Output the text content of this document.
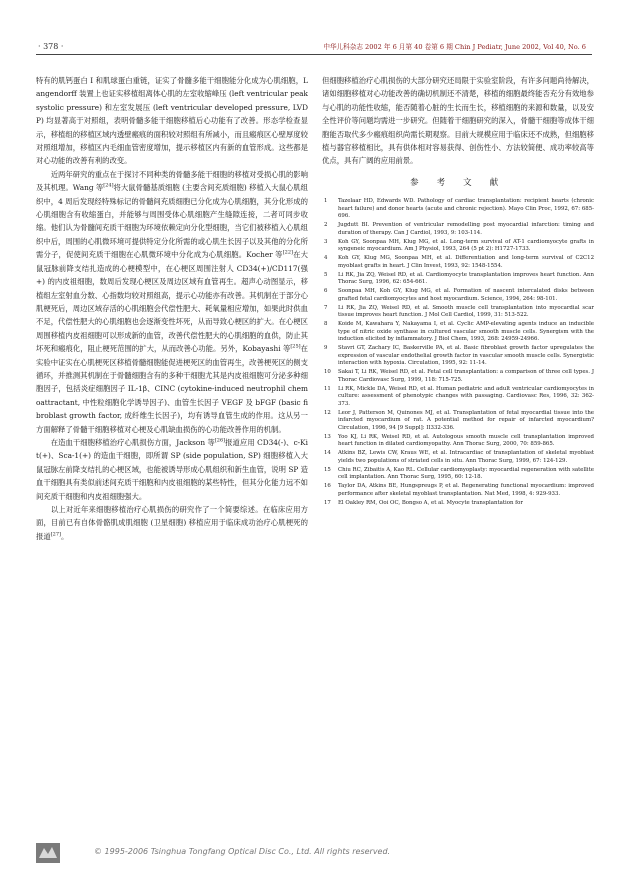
· 378 ·	中华儿科杂志 2002 年 6 月第 40 卷第 6 期 Chin J Pediatr, June 2002, Vol 40, No. 6

特有的肌钙蛋白 I 和肌球蛋白重链，证实了骨髓多能干细胞能分化成为心肌细胞，Langendorff 装置上也证实移植组离体心肌的左室收缩峰压 (left ventricular peak systolic pressure) 和左室发展压 (left ventricular developed pressure, LVDP) 均显著高于对照组，表明骨髓多能干细胞移植后心功能有了改善。形态学检查显示，移植组的移植区域内透壁瘢痕的面积较对照组有所减小，而且瘢痕区心壁厚度较对照组增加，移植区内毛细血管密度增加，提示移植区内有新的血管形成。这些都是对心功能的改善有利的改变。

近两年研究的重点在于探讨不同种类的骨髓多能干细胞的移植对受损心肌的影响及其机理。Wang 等[24]将大鼠骨髓基质细胞 (主要含间充质细胞) 移植入大鼠心肌组织中，4 周后发现经特殊标记的骨髓间充质细胞已分化成为心肌细胞，其分化形成的心肌细胞含有收缩蛋白，并能够与周围受体心肌细胞产生缝隙连接，二者可同步收缩。他们认为骨髓间充质干细胞为环境依赖定向分化型细胞，当它们被移植入心肌组织中后，周围的心肌微环境可提供特定分化所需的或心肌生长因子以及其他的分化所需分子，促使间充质干细胞在心肌微环境中分化成为心肌细胞。Kocher 等[22]在大鼠冠脉前降支结扎造成的心梗模型中，在心梗区周围注射人 CD34(+)/CD117(强+) 的内皮祖细胞，数周后发现心梗区及周边区域有血管再生。超声心动图显示，移植组左室射血分数、心指数均较对照组高，提示心功能亦有改善。其机制在于部分心肌梗死后，周边区域存活的心肌细胞会代偿性肥大、耗氧量相应增加，如果此时供血不足，代偿性肥大的心肌细胞也会逐渐变性坏死，从而导致心梗区的扩大。在心梗区周围移植内皮祖细胞可以形成新的血管，改善代偿性肥大的心肌细胞的血供，防止其坏死和瘢痕化，阻止梗死范围的扩大，从而改善心功能。另外，Kobayashi 等[25]在实验中证实在心肌梗死区移植骨髓细胞能促进梗死区的血管再生，改善梗死区的侧支循环，并推测其机制在于骨髓细胞含有的多种干细胞尤其是内皮祖细胞可分泌多种细胞因子，包括炎症细胞因子 IL-1β、CINC (cytokine-induced neutrophil chemoattractant, 中性粒细胞化学诱导因子)、血管生长因子 VEGF 及 bFGF (basic fibroblast growth factor, 成纤维生长因子)，均有诱导血管生成的作用。这从另一方面解释了骨髓干细胞移植对心梗及心肌缺血损伤的心功能改善作用的机制。

在造血干细胞移植治疗心肌损伤方面，Jackson 等[26]报道应用 CD34(-)、c-Kit(+)、Sca-1(+) 的造血干细胞，即所谓 SP (side population, SP) 细胞移植入大鼠冠脉左前降支结扎的心梗区域，也能被诱导形成心肌组织和新生血管，说明 SP 造血干细胞具有类似前述间充质干细胞和内皮祖细胞的某些特性，但其分化能力远不如间充质干细胞和内皮祖细胞强大。

以上对近年来细胞移植治疗心肌损伤的研究作了一个简要综述。在临床应用方面，目前已有自体骨骼肌成肌细胞 (卫星细胞) 移植应用于临床成功治疗心肌梗死的报道[27]。

但细胞移植治疗心肌损伤的大部分研究还局限于实验室阶段，有许多问题尚待解决，诸如细胞移植对心功能改善的确切机制还不清楚，移植的细胞最终能否充分有效地参与心肌的功能性收缩，能否随着心脏的生长而生长，移植细胞的来源和数量，以及安全性评价等问题均需进一步研究。但随着干细胞研究的深入，骨髓干细胞等成体干细胞能否取代多少瘢痕组织尚需长期观察。目前大规模应用于临床还不成熟，但细胞移植与器官移植相比，具有供体相对容易获得、创伤性小、方法较简便、成功率较高等优点，具有广阔的应用前景。

参 考 文 献
1 Tazelaar HD, Edwards WD. Pathology of cardiac transplantation: recipient hearts (chronic heart failure) and donor hearts (acute and chronic rejection). Mayo Clin Proc, 1992, 67: 685-696.
2 Jugdutt BI. Prevention of ventricular remodelling post myocardial infarction: timing and duration of therapy. Can J Cardiol, 1993, 9: 103-114.
3 Koh GY, Soonpaa MH, Klug MG, et al. Long-term survival of AT-1 cardiomyocyte grafts in syngeneic myocardium. Am J Physiol, 1993, 264 (5 pt 2): H1727-1733.
4 Koh GY, Klug MG, Soonpaa MH, et al. Differentiation and long-term survival of C2C12 myoblast grafts in heart. J Clin Invest, 1993, 92: 1548-1554.
5 Li RK, Jia ZQ, Weisel RD, et al. Cardiomyocyte transplantation improves heart function. Ann Thorac Surg, 1996, 62: 654-661.
6 Soonpaa MH, Koh GY, Klug MG, et al. Formation of nascent intercalated disks between grafted fetal cardiomyocytes and host myocardium. Science, 1994, 264: 98-101.
7 Li RK, Jia ZQ, Weisel RD, et al. Smooth muscle cell transplantation into myocardial scar tissue improves heart function. J Mol Cell Cardiol, 1999, 31: 513-522.
8 Koide M, Kawahara Y, Nakayama I, et al. Cyclic AMP-elevating agents induce an inducible type of nitric oxide synthase in cultured vascular smooth muscle cells. Synergism with the induction elicited by inflammatory. J Biol Chem, 1993, 268: 24959-24966.
9 Stavri GT, Zachary IC, Baskerville PA, et al. Basic fibroblast growth factor upregulates the expression of vascular endothelial growth factor in vascular smooth muscle cells. Synergistic interaction with hypoxia. Circulation, 1995, 92: 11-14.
10 Sakai T, Li RK, Weisel RD, et al. Fetal cell transplantation: a comparison of three cell types. J Thorac Cardiovasc Surg, 1999, 118: 715-725.
11 Li RK, Mickle DA, Weisel RD, et al. Human pediatric and adult ventricular cardiomyocytes in culture: assessment of phenotypic changes with passaging. Cardiovasc Res, 1996, 32: 362-373.
12 Leor J, Patterson M, Quinones MJ, et al. Transplantation of fetal myocardial tissue into the infarcted myocardium of rat. A potential method for repair of infarcted myocardium? Circulation, 1996, 94 [9 Suppl]: II332-336.
13 Yoo KJ, Li RK, Weisel RD, et al. Autologous smooth muscle cell transplantation improved heart function in dilated cardiomyopathy. Ann Thorac Surg, 2000, 70: 859-865.
14 Atkins BZ, Lewis CW, Kraus WE, et al. Intracardiac of transplantation of skeletal myoblast yields two populations of striated cells in situ. Ann Thorac Surg, 1999, 67: 124-129.
15 Chiu RC, Zibaitis A, Kao RL. Cellular cardiomyoplasty: myocardial regeneration with satellite cell implantation. Ann Thorac Surg, 1995, 60: 12-18.
16 Taylor DA, Atkins BE, Hungspreugs P, et al. Regenerating functional myocardium: improved performance after skeletal myoblast transplantation. Nat Med, 1998, 4: 929-933.
17 El Oakley RM, Ooi OC, Bongso A, et al. Myocyte transplantation for
© 1995-2006 Tsinghua Tongfang Optical Disc Co., Ltd. All rights reserved.
